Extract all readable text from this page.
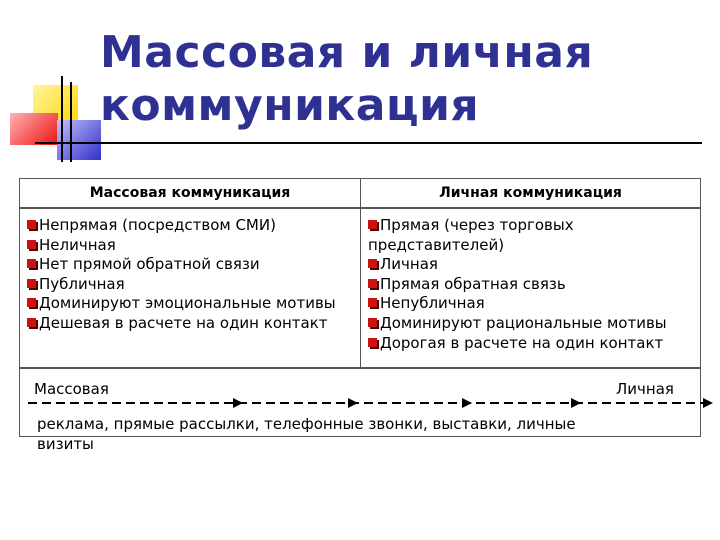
Массовая и личная
коммуникация
Массовая коммуникация	Личная коммуникация
Непрямая (посредством СМИ)
Неличная
Нет прямой обратной связи
Публичная
Доминируют эмоциональные мотивы
Дешевая в расчете на один контакт
Прямая (через торговых представителей)
Личная
Прямая обратная связь
Непубличная
Доминируют рациональные мотивы
Дорогая в расчете на один контакт
Массовая	Личная
реклама, прямые рассылки, телефонные звонки, выставки, личные визиты
